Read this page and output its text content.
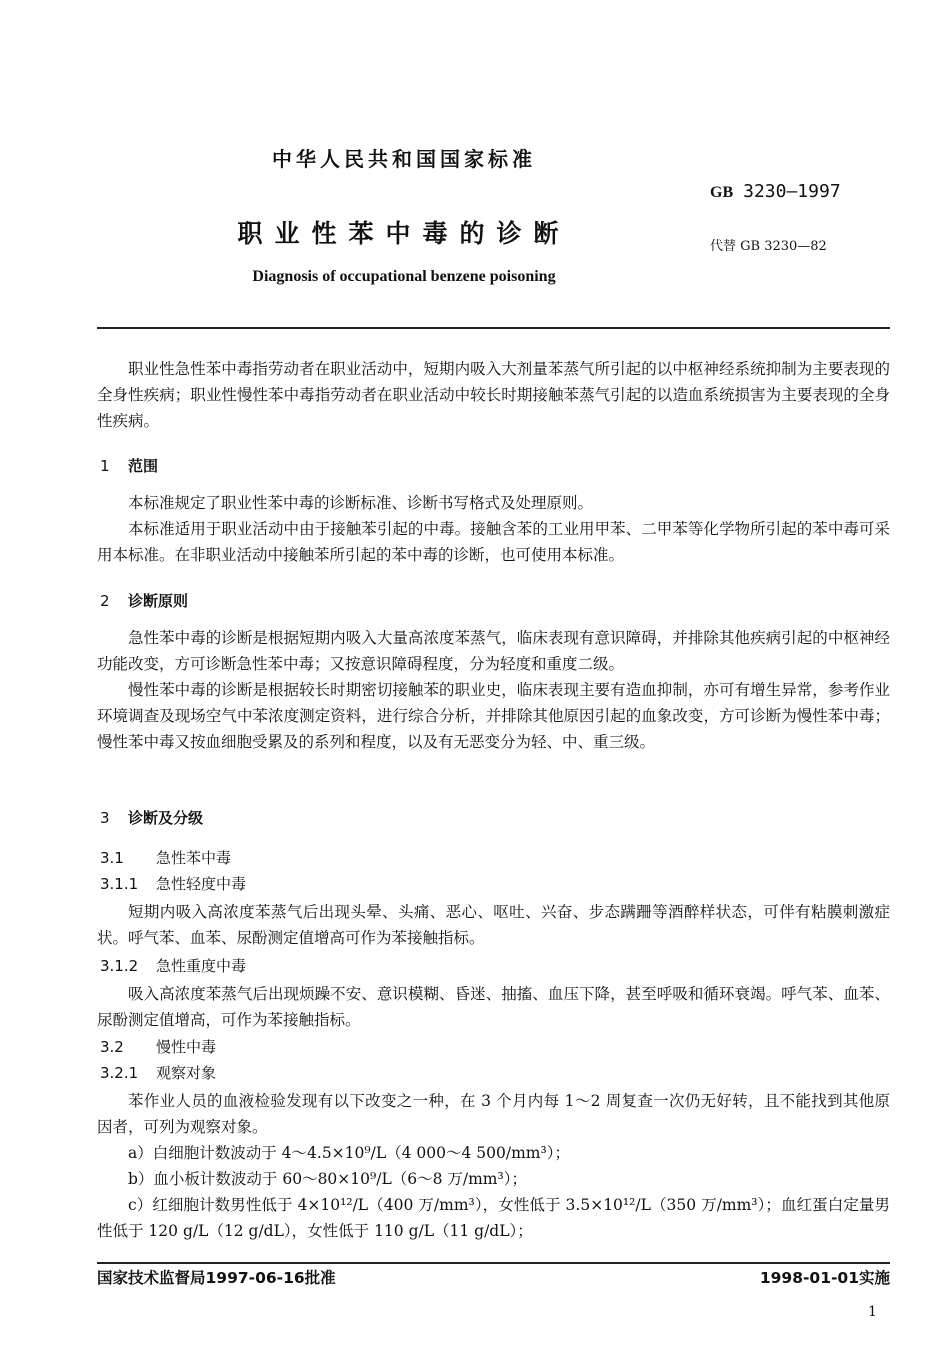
中华人民共和国国家标准
GB 3230—1997
职业性苯中毒的诊断	代替 GB 3230—82
Diagnosis of occupational benzene poisoning

职业性急性苯中毒指劳动者在职业活动中，短期内吸入大剂量苯蒸气所引起的以中枢神经系统抑制为主要表现的全身性疾病；职业性慢性苯中毒指劳动者在职业活动中较长时期接触苯蒸气引起的以造血系统损害为主要表现的全身性疾病。

1 范围

本标准规定了职业性苯中毒的诊断标准、诊断书写格式及处理原则。

本标准适用于职业活动中由于接触苯引起的中毒。接触含苯的工业用甲苯、二甲苯等化学物所引起的苯中毒可采用本标准。在非职业活动中接触苯所引起的苯中毒的诊断，也可使用本标准。

2 诊断原则

急性苯中毒的诊断是根据短期内吸入大量高浓度苯蒸气，临床表现有意识障碍，并排除其他疾病引起的中枢神经功能改变，方可诊断急性苯中毒；又按意识障碍程度，分为轻度和重度二级。

慢性苯中毒的诊断是根据较长时期密切接触苯的职业史，临床表现主要有造血抑制，亦可有增生异常，参考作业环境调查及现场空气中苯浓度测定资料，进行综合分析，并排除其他原因引起的血象改变，方可诊断为慢性苯中毒；慢性苯中毒又按血细胞受累及的系列和程度，以及有无恶变分为轻、中、重三级。

3 诊断及分级
3.1 急性苯中毒
3.1.1 急性轻度中毒

短期内吸入高浓度苯蒸气后出现头晕、头痛、恶心、呕吐、兴奋、步态蹒跚等酒醉样状态，可伴有粘膜刺激症状。呼气苯、血苯、尿酚测定值增高可作为苯接触指标。

3.1.2 急性重度中毒

吸入高浓度苯蒸气后出现烦躁不安、意识模糊、昏迷、抽搐、血压下降，甚至呼吸和循环衰竭。呼气苯、血苯、尿酚测定值增高，可作为苯接触指标。

3.2 慢性中毒
3.2.1 观察对象

苯作业人员的血液检验发现有以下改变之一种，在 3 个月内每 1～2 周复查一次仍无好转，且不能找到其他原因者，可列为观察对象。

a）白细胞计数波动于 4～4.5×10⁹/L（4 000～4 500/mm³）；

b）血小板计数波动于 60～80×10⁹/L（6～8 万/mm³）；

c）红细胞计数男性低于 4×10¹²/L（400 万/mm³），女性低于 3.5×10¹²/L（350 万/mm³）；血红蛋白定量男性低于 120 g/L（12 g/dL），女性低于 110 g/L（11 g/dL）；

国家技术监督局1997-06-16批准	1998-01-01实施
1
